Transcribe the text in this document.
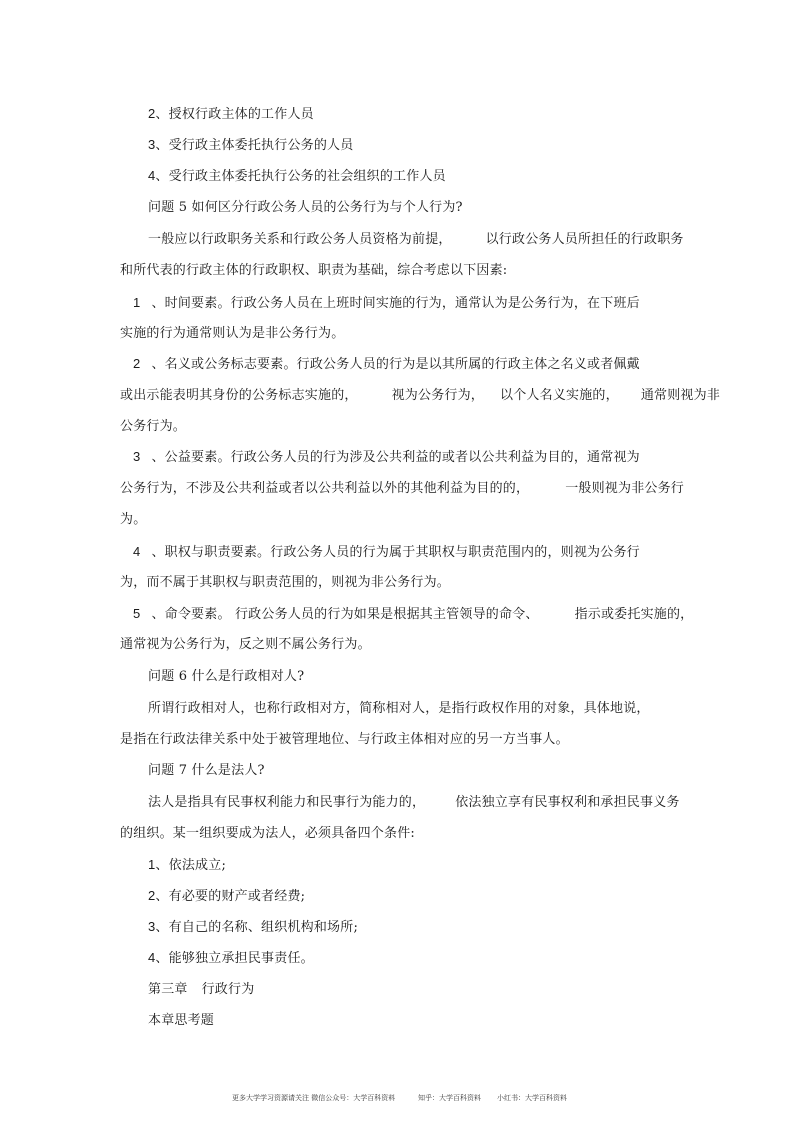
2、授权行政主体的工作人员
3、受行政主体委托执行公务的人员
4、受行政主体委托执行公务的社会组织的工作人员
问题 5 如何区分行政公务人员的公务行为与个人行为?
一般应以行政职务关系和行政公务人员资格为前提，	以行政公务人员所担任的行政职务
和所代表的行政主体的行政职权、职责为基础，综合考虑以下因素:
1 、时间要素。行政公务人员在上班时间实施的行为，通常认为是公务行为，在下班后
实施的行为通常则认为是非公务行为。
2 、名义或公务标志要素。行政公务人员的行为是以其所属的行政主体之名义或者佩戴
或出示能表明其身份的公务标志实施的，	视为公务行为， 以个人名义实施的， 通常则视为非
公务行为。
3 、公益要素。行政公务人员的行为涉及公共利益的或者以公共利益为目的，通常视为
公务行为，不涉及公共利益或者以公共利益以外的其他利益为目的的，	一般则视为非公务行
为。
4 、职权与职责要素。行政公务人员的行为属于其职权与职责范围内的，则视为公务行
为，而不属于其职权与职责范围的，则视为非公务行为。
5 、命令要素。 行政公务人员的行为如果是根据其主管领导的命令、	指示或委托实施的，
通常视为公务行为，反之则不属公务行为。
问题 6 什么是行政相对人?
所谓行政相对人，也称行政相对方，简称相对人，是指行政权作用的对象，具体地说，
是指在行政法律关系中处于被管理地位、与行政主体相对应的另一方当事人。
问题 7 什么是法人?
法人是指具有民事权利能力和民事行为能力的， 依法独立享有民事权利和承担民事义务
的组织。某一组织要成为法人，必须具备四个条件:
1、依法成立;
2、有必要的财产或者经费;
3、有自己的名称、组织机构和场所;
4、能够独立承担民事责任。
第三章 行政行为
本章思考题
更多大学学习资源请关注 微信公众号：大学百科资料	知乎：大学百科资料 小红书：大学百科资料
